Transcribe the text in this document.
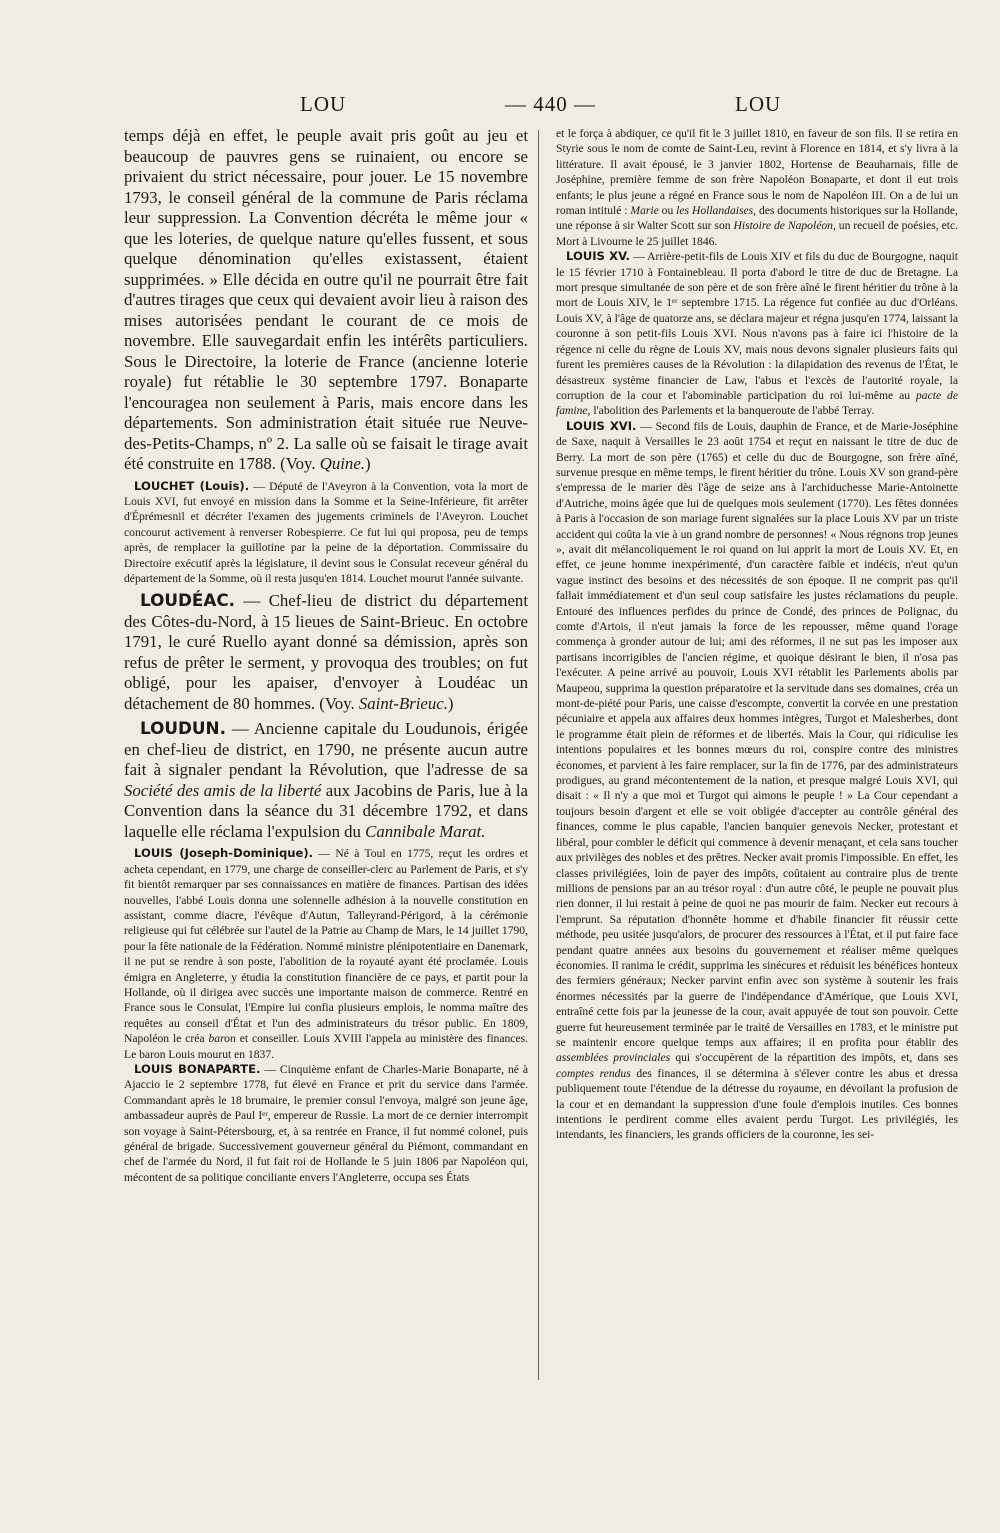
LOU	— 440 —	LOU

temps déjà en effet, le peuple avait pris goût au jeu et beaucoup de pauvres gens se ruinaient, ou encore se privaient du strict nécessaire, pour jouer. Le 15 novembre 1793, le conseil général de la commune de Paris réclama leur suppression. La Convention décréta le même jour « que les loteries, de quelque nature qu'elles fussent, et sous quelque dénomination qu'elles existassent, étaient supprimées. » Elle décida en outre qu'il ne pourrait être fait d'autres tirages que ceux qui devaient avoir lieu à raison des mises autorisées pendant le courant de ce mois de novembre. Elle sauvegardait enfin les intérêts particuliers. Sous le Directoire, la loterie de France (ancienne loterie royale) fut rétablie le 30 septembre 1797. Bonaparte l'encouragea non seulement à Paris, mais encore dans les départements. Son administration était située rue Neuve-des-Petits-Champs, nº 2. La salle où se faisait le tirage avait été construite en 1788. (Voy. Quine.)

LOUCHET (Louis). — Député de l'Aveyron à la Convention, vota la mort de Louis XVI, fut envoyé en mission dans la Somme et la Seine-Inférieure, fit arrêter d'Éprémesnil et décréter l'examen des jugements criminels de l'Aveyron. Louchet concourut activement à renverser Robespierre. Ce fut lui qui proposa, peu de temps après, de remplacer la guillotine par la peine de la déportation. Commissaire du Directoire exécutif après la législature, il devint sous le Consulat receveur général du département de la Somme, où il resta jusqu'en 1814. Louchet mourut l'année suivante.

LOUDÉAC. — Chef-lieu de district du département des Côtes-du-Nord, à 15 lieues de Saint-Brieuc. En octobre 1791, le curé Ruello ayant donné sa démission, après son refus de prêter le serment, y provoqua des troubles; on fut obligé, pour les apaiser, d'envoyer à Loudéac un détachement de 80 hommes. (Voy. Saint-Brieuc.)

LOUDUN. — Ancienne capitale du Loudunois, érigée en chef-lieu de district, en 1790, ne présente aucun autre fait à signaler pendant la Révolution, que l'adresse de sa Société des amis de la liberté aux Jacobins de Paris, lue à la Convention dans la séance du 31 décembre 1792, et dans laquelle elle réclama l'expulsion du Cannibale Marat.

LOUIS (Joseph-Dominique). — Né à Toul en 1775, reçut les ordres et acheta cependant, en 1779, une charge de conseiller-clerc au Parlement de Paris, et s'y fit bientôt remarquer par ses connaissances en matière de finances. Partisan des idées nouvelles, l'abbé Louis donna une solennelle adhésion à la nouvelle constitution en assistant, comme diacre, l'évêque d'Autun, Talleyrand-Périgord, à la cérémonie religieuse qui fut célébrée sur l'autel de la Patrie au Champ de Mars, le 14 juillet 1790, pour la fête nationale de la Fédération. Nommé ministre plénipotentiaire en Danemark, il ne put se rendre à son poste, l'abolition de la royauté ayant été proclamée. Louis émigra en Angleterre, y étudia la constitution financière de ce pays, et partit pour la Hollande, où il dirigea avec succès une importante maison de commerce. Rentré en France sous le Consulat, l'Empire lui confia plusieurs emplois, le nomma maître des requêtes au conseil d'État et l'un des administrateurs du trésor public. En 1809, Napoléon le créa baron et conseiller. Louis XVIII l'appela au ministère des finances. Le baron Louis mourut en 1837.

LOUIS BONAPARTE. — Cinquième enfant de Charles-Marie Bonaparte, né à Ajaccio le 2 septembre 1778, fut élevé en France et prit du service dans l'armée. Commandant après le 18 brumaire, le premier consul l'envoya, malgré son jeune âge, ambassadeur auprès de Paul Iᵉʳ, empereur de Russie. La mort de ce dernier interrompit son voyage à Saint-Pétersbourg, et, à sa rentrée en France, il fut nommé colonel, puis général de brigade. Successivement gouverneur général du Piémont, commandant en chef de l'armée du Nord, il fut fait roi de Hollande le 5 juin 1806 par Napoléon qui, mécontent de sa politique conciliante envers l'Angleterre, occupa ses États

et le força à abdiquer, ce qu'il fit le 3 juillet 1810, en faveur de son fils. Il se retira en Styrie sous le nom de comte de Saint-Leu, revint à Florence en 1814, et s'y livra à la littérature. Il avait épousé, le 3 janvier 1802, Hortense de Beauharnais, fille de Joséphine, première femme de son frère Napoléon Bonaparte, et dont il eut trois enfants; le plus jeune a régné en France sous le nom de Napoléon III. On a de lui un roman intitulé : Marie ou les Hollandaises, des documents historiques sur la Hollande, une réponse à sir Walter Scott sur son Histoire de Napoléon, un recueil de poésies, etc. Mort à Livourne le 25 juillet 1846.

LOUIS XV. — Arrière-petit-fils de Louis XIV et fils du duc de Bourgogne, naquit le 15 février 1710 à Fontainebleau. Il porta d'abord le titre de duc de Bretagne. La mort presque simultanée de son père et de son frère aîné le firent héritier du trône à la mort de Louis XIV, le 1ᵉʳ septembre 1715. La régence fut confiée au duc d'Orléans. Louis XV, à l'âge de quatorze ans, se déclara majeur et régna jusqu'en 1774, laissant la couronne à son petit-fils Louis XVI. Nous n'avons pas à faire ici l'histoire de la régence ni celle du règne de Louis XV, mais nous devons signaler plusieurs faits qui furent les premières causes de la Révolution : la dilapidation des revenus de l'État, le désastreux système financier de Law, l'abus et l'excès de l'autorité royale, la corruption de la cour et l'abominable participation du roi lui-même au pacte de famine, l'abolition des Parlements et la banqueroute de l'abbé Terray.

LOUIS XVI. — Second fils de Louis, dauphin de France, et de Marie-Joséphine de Saxe, naquit à Versailles le 23 août 1754 et reçut en naissant le titre de duc de Berry. La mort de son père (1765) et celle du duc de Bourgogne, son frère aîné, survenue presque en même temps, le firent héritier du trône. Louis XV son grand-père s'empressa de le marier dès l'âge de seize ans à l'archiduchesse Marie-Antoinette d'Autriche, moins âgée que lui de quelques mois seulement (1770). Les fêtes données à Paris à l'occasion de son mariage furent signalées sur la place Louis XV par un triste accident qui coûta la vie à un grand nombre de personnes! « Nous régnons trop jeunes », avait dit mélancoliquement le roi quand on lui apprit la mort de Louis XV. Et, en effet, ce jeune homme inexpérimenté, d'un caractère faible et indécis, n'eut qu'un vague instinct des besoins et des nécessités de son époque. Il ne comprit pas qu'il fallait immédiatement et d'un seul coup satisfaire les justes réclamations du peuple. Entouré des influences perfides du prince de Condé, des princes de Polignac, du comte d'Artois, il n'eut jamais la force de les repousser, même quand l'orage commença à gronder autour de lui; ami des réformes, il ne sut pas les imposer aux partisans incorrigibles de l'ancien régime, et quoique désirant le bien, il n'osa pas l'exécuter. A peine arrivé au pouvoir, Louis XVI rétablit les Parlements abolis par Maupeou, supprima la question préparatoire et la servitude dans ses domaines, créa un mont-de-piété pour Paris, une caisse d'escompte, convertit la corvée en une prestation pécuniaire et appela aux affaires deux hommes intègres, Turgot et Malesherbes, dont le programme était plein de réformes et de libertés. Mais la Cour, qui ridiculise les intentions populaires et les bonnes mœurs du roi, conspire contre des ministres économes, et parvient à les faire remplacer, sur la fin de 1776, par des administrateurs prodigues, au grand mécontentement de la nation, et presque malgré Louis XVI, qui disait : « Il n'y a que moi et Turgot qui aimons le peuple ! » La Cour cependant a toujours besoin d'argent et elle se voit obligée d'accepter au contrôle général des finances, comme le plus capable, l'ancien banquier genevois Necker, protestant et libéral, pour combler le déficit qui commence à devenir menaçant, et cela sans toucher aux privilèges des nobles et des prêtres. Necker avait promis l'impossible. En effet, les classes privilégiées, loin de payer des impôts, coûtaient au contraire plus de trente millions de pensions par an au trésor royal : d'un autre côté, le peuple ne pouvait plus rien donner, il lui restait à peine de quoi ne pas mourir de faim. Necker eut recours à l'emprunt. Sa réputation d'honnête homme et d'habile financier fit réussir cette méthode, peu usitée jusqu'alors, de procurer des ressources à l'État, et il put faire face pendant quatre années aux besoins du gouvernement et réaliser même quelques économies. Il ranima le crédit, supprima les sinécures et réduisit les bénéfices honteux des fermiers généraux; Necker parvint enfin avec son système à soutenir les frais énormes nécessités par la guerre de l'indépendance d'Amérique, que Louis XVI, entraîné cette fois par la jeunesse de la cour, avait appuyée de tout son pouvoir. Cette guerre fut heureusement terminée par le traité de Versailles en 1783, et le ministre put se maintenir encore quelque temps aux affaires; il en profita pour établir des assemblées provinciales qui s'occupèrent de la répartition des impôts, et, dans ses comptes rendus des finances, il se détermina à s'élever contre les abus et dressa publiquement toute l'étendue de la détresse du royaume, en dévoilant la profusion de la cour et en demandant la suppression d'une foule d'emplois inutiles. Ces bonnes intentions le perdirent comme elles avaient perdu Turgot. Les privilégiés, les intendants, les financiers, les grands officiers de la couronne, les sei-
